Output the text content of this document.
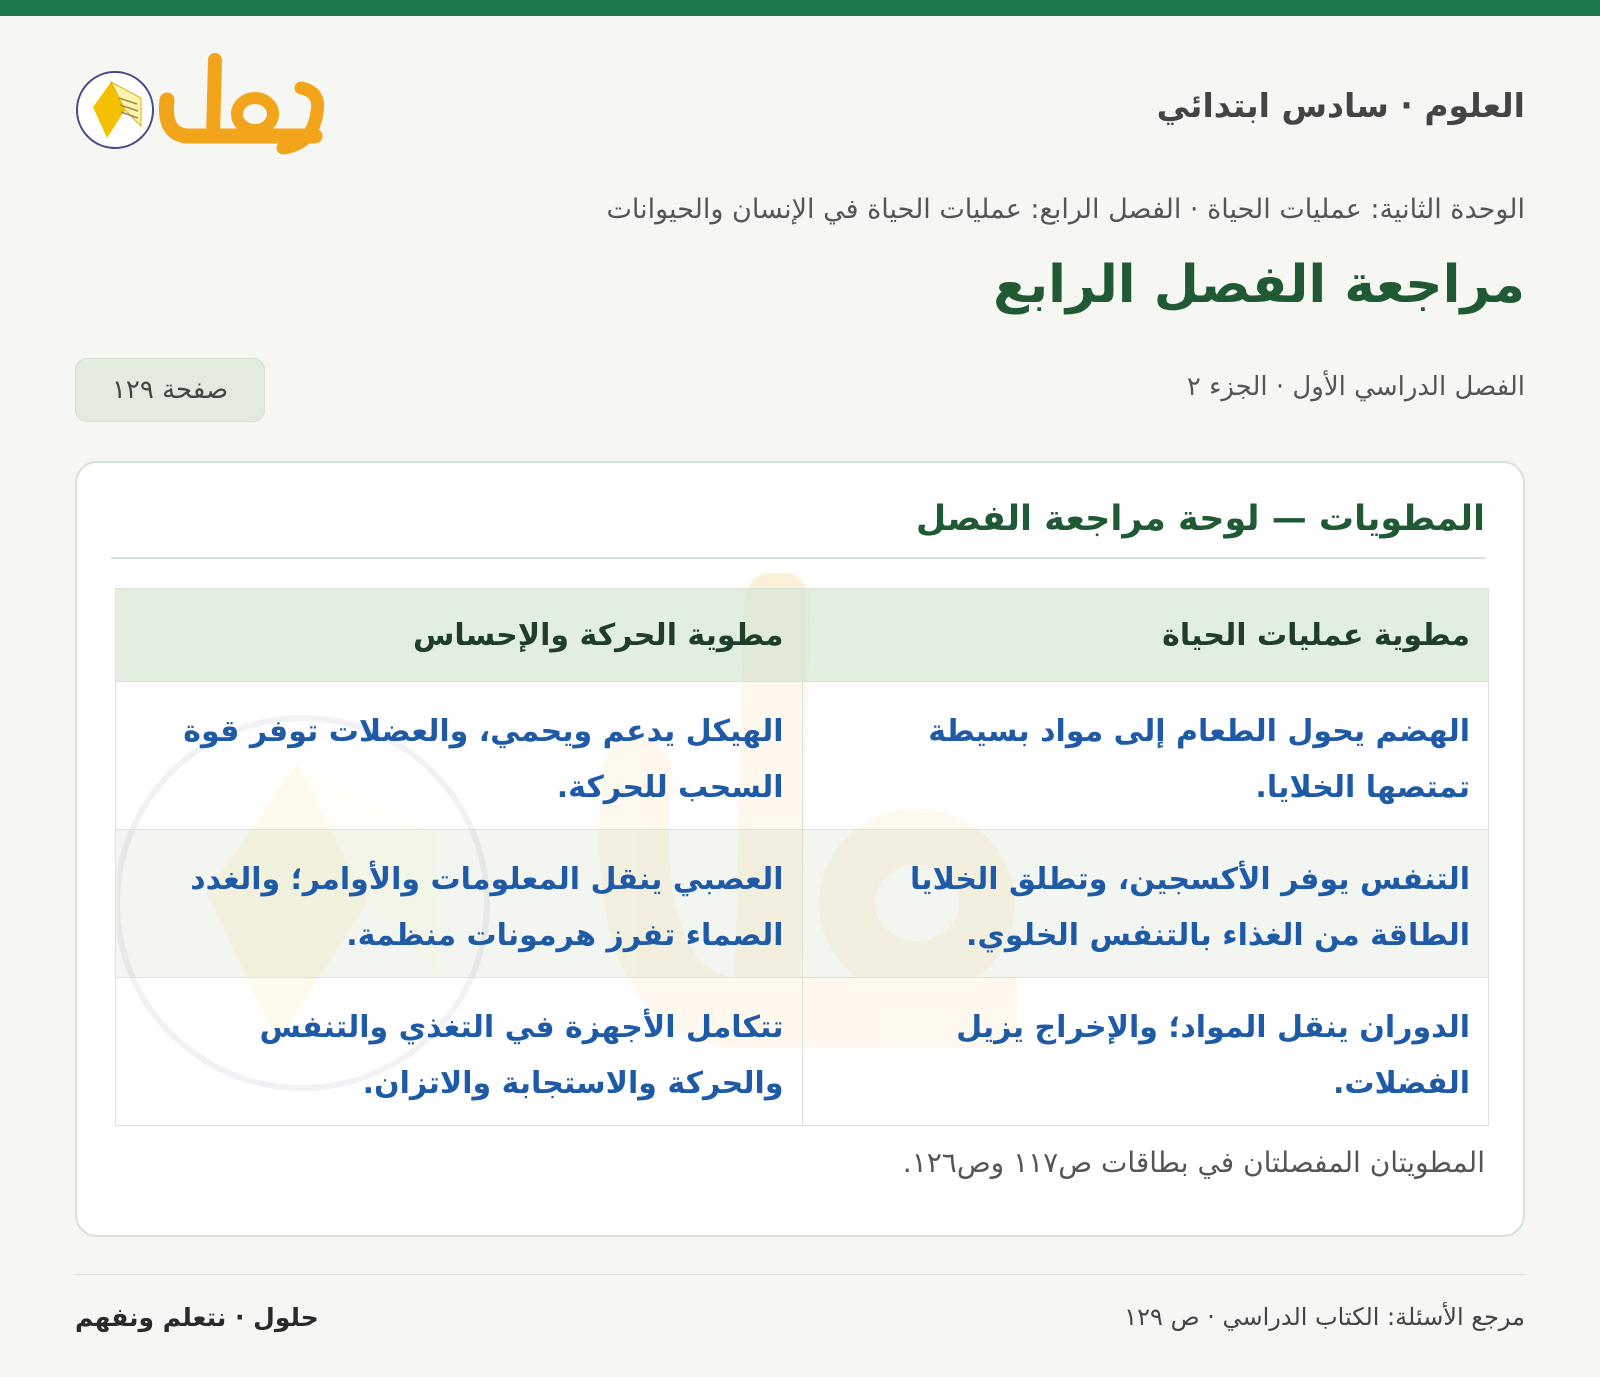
العلوم · سادس ابتدائي
الوحدة الثانية: عمليات الحياة · الفصل الرابع: عمليات الحياة في الإنسان والحيوانات
مراجعة الفصل الرابع
الفصل الدراسي الأول · الجزء ٢
صفحة ١٢٩
المطويات — لوحة مراجعة الفصل
مطوية عمليات الحياة	مطوية الحركة والإحساس
الهضم يحول الطعام إلى مواد بسيطة تمتصها الخلايا.	الهيكل يدعم ويحمي، والعضلات توفر قوة السحب للحركة.
التنفس يوفر الأكسجين، وتطلق الخلايا الطاقة من الغذاء بالتنفس الخلوي.	العصبي ينقل المعلومات والأوامر؛ والغدد الصماء تفرز هرمونات منظمة.
الدوران ينقل المواد؛ والإخراج يزيل الفضلات.	تتكامل الأجهزة في التغذي والتنفس والحركة والاستجابة والاتزان.
المطويتان المفصلتان في بطاقات ص١١٧ وص١٢٦.
مرجع الأسئلة: الكتاب الدراسي · ص ١٢٩
حلول · نتعلم ونفهم
